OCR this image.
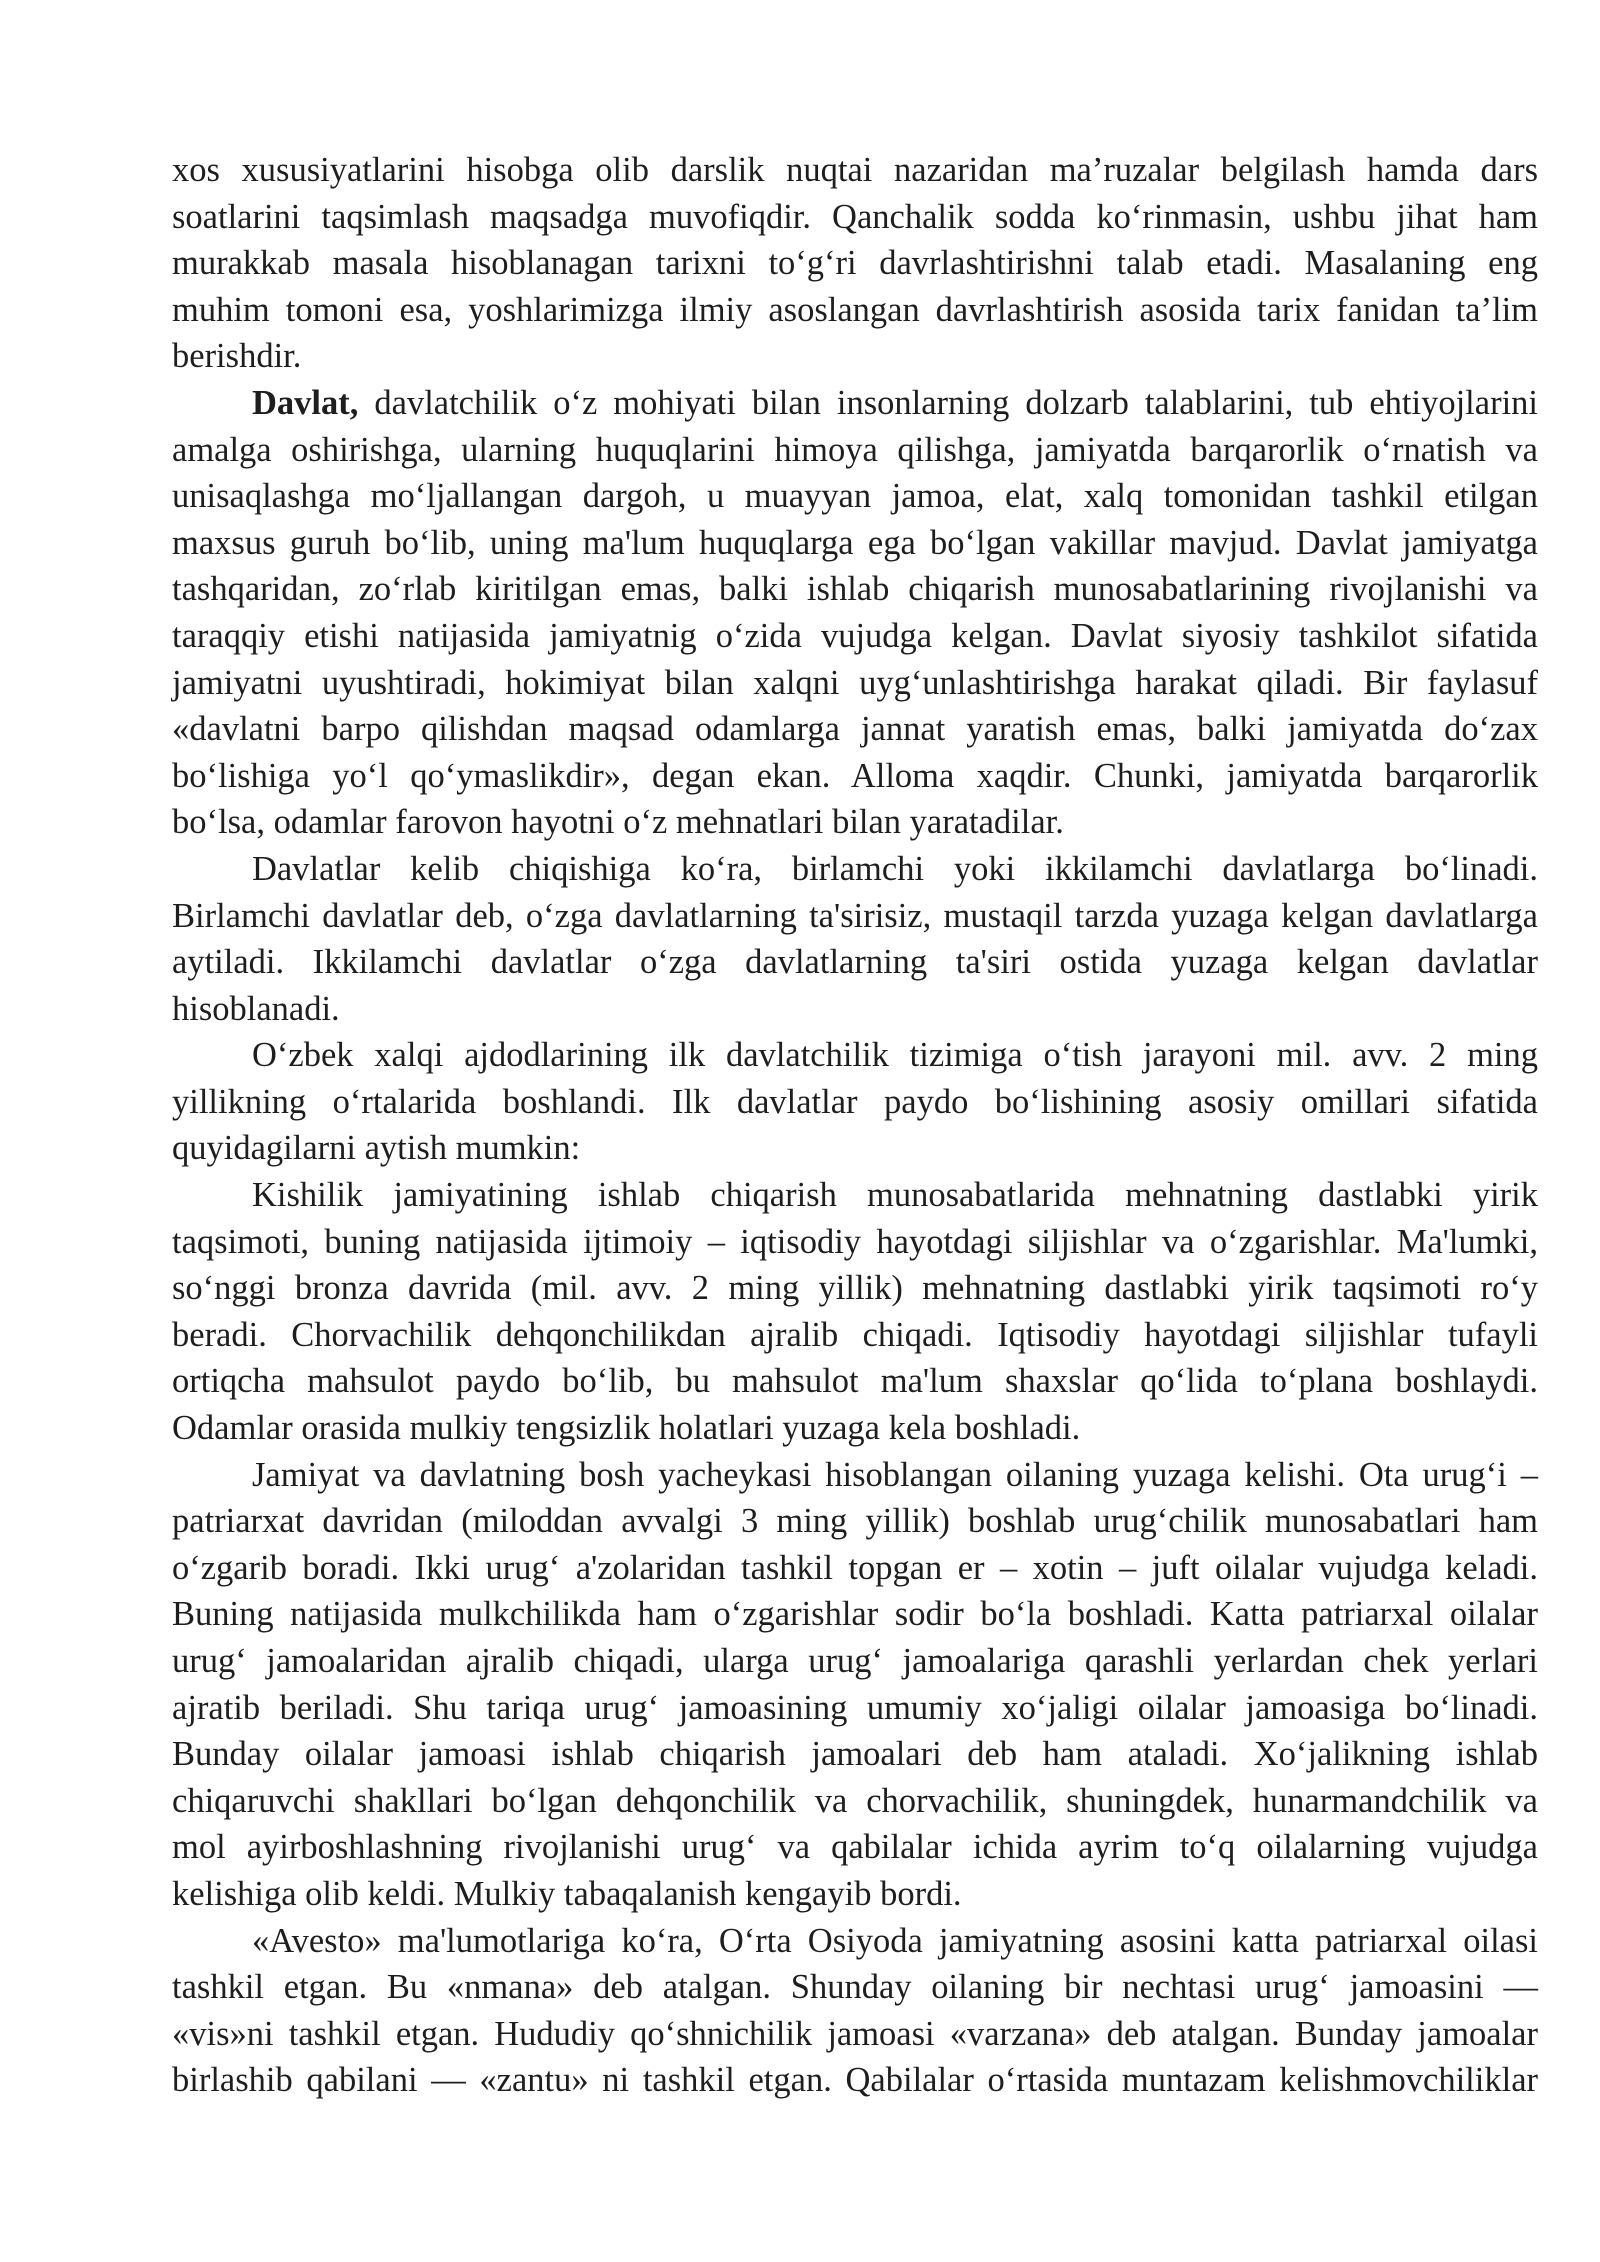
xos xususiyatlarini hisobga olib darslik nuqtai nazaridan ma’ruzalar belgilash hamda dars
soatlarini taqsimlash maqsadga muvofiqdir. Qanchalik sodda ko‘rinmasin, ushbu jihat ham
murakkab masala hisoblanagan tarixni to‘g‘ri davrlashtirishni talab etadi. Masalaning eng
muhim tomoni esa, yoshlarimizga ilmiy asoslangan davrlashtirish asosida tarix fanidan ta’lim
berishdir.
Davlat, davlatchilik o‘z mohiyati bilan insonlarning dolzarb talablarini, tub ehtiyojlarini
amalga oshirishga, ularning huquqlarini himoya qilishga, jamiyatda barqarorlik o‘rnatish va
unisaqlashga mo‘ljallangan dargoh, u muayyan jamoa, elat, xalq tomonidan tashkil etilgan
maxsus guruh bo‘lib, uning ma'lum huquqlarga ega bo‘lgan vakillar mavjud. Davlat jamiyatga
tashqaridan, zo‘rlab kiritilgan emas, balki ishlab chiqarish munosabatlarining rivojlanishi va
taraqqiy etishi natijasida jamiyatnig o‘zida vujudga kelgan. Davlat siyosiy tashkilot sifatida
jamiyatni uyushtiradi, hokimiyat bilan xalqni uyg‘unlashtirishga harakat qiladi. Bir faylasuf
«davlatni barpo qilishdan maqsad odamlarga jannat yaratish emas, balki jamiyatda do‘zax
bo‘lishiga yo‘l qo‘ymaslikdir», degan ekan. Alloma xaqdir. Chunki, jamiyatda barqarorlik
bo‘lsa, odamlar farovon hayotni o‘z mehnatlari bilan yaratadilar.
Davlatlar kelib chiqishiga ko‘ra, birlamchi yoki ikkilamchi davlatlarga bo‘linadi.
Birlamchi davlatlar deb, o‘zga davlatlarning ta'sirisiz, mustaqil tarzda yuzaga kelgan davlatlarga
aytiladi. Ikkilamchi davlatlar o‘zga davlatlarning ta'siri ostida yuzaga kelgan davlatlar
hisoblanadi.
O‘zbek xalqi ajdodlarining ilk davlatchilik tizimiga o‘tish jarayoni mil. avv. 2 ming
yillikning o‘rtalarida boshlandi. Ilk davlatlar paydo bo‘lishining asosiy omillari sifatida
quyidagilarni aytish mumkin:
Kishilik jamiyatining ishlab chiqarish munosabatlarida mehnatning dastlabki yirik
taqsimoti, buning natijasida ijtimoiy – iqtisodiy hayotdagi siljishlar va o‘zgarishlar. Ma'lumki,
so‘nggi bronza davrida (mil. avv. 2 ming yillik) mehnatning dastlabki yirik taqsimoti ro‘y
beradi. Chorvachilik dehqonchilikdan ajralib chiqadi. Iqtisodiy hayotdagi siljishlar tufayli
ortiqcha mahsulot paydo bo‘lib, bu mahsulot ma'lum shaxslar qo‘lida to‘plana boshlaydi.
Odamlar orasida mulkiy tengsizlik holatlari yuzaga kela boshladi.
Jamiyat va davlatning bosh yacheykasi hisoblangan oilaning yuzaga kelishi. Ota urug‘i –
patriarxat davridan (miloddan avvalgi 3 ming yillik) boshlab urug‘chilik munosabatlari ham
o‘zgarib boradi. Ikki urug‘ a'zolaridan tashkil topgan er – xotin – juft oilalar vujudga keladi.
Buning natijasida mulkchilikda ham o‘zgarishlar sodir bo‘la boshladi. Katta patriarxal oilalar
urug‘ jamoalaridan ajralib chiqadi, ularga urug‘ jamoalariga qarashli yerlardan chek yerlari
ajratib beriladi. Shu tariqa urug‘ jamoasining umumiy xo‘jaligi oilalar jamoasiga bo‘linadi.
Bunday oilalar jamoasi ishlab chiqarish jamoalari deb ham ataladi. Xo‘jalikning ishlab
chiqaruvchi shakllari bo‘lgan dehqonchilik va chorvachilik, shuningdek, hunarmandchilik va
mol ayirboshlashning rivojlanishi urug‘ va qabilalar ichida ayrim to‘q oilalarning vujudga
kelishiga olib keldi. Mulkiy tabaqalanish kengayib bordi.
«Avesto» ma'lumotlariga ko‘ra, O‘rta Osiyoda jamiyatning asosini katta patriarxal oilasi
tashkil etgan. Bu «nmana» deb atalgan. Shunday oilaning bir nechtasi urug‘ jamoasini —
«vis»ni tashkil etgan. Hududiy qo‘shnichilik jamoasi «varzana» deb atalgan. Bunday jamoalar
birlashib qabilani — «zantu» ni tashkil etgan. Qabilalar o‘rtasida muntazam kelishmovchiliklar
